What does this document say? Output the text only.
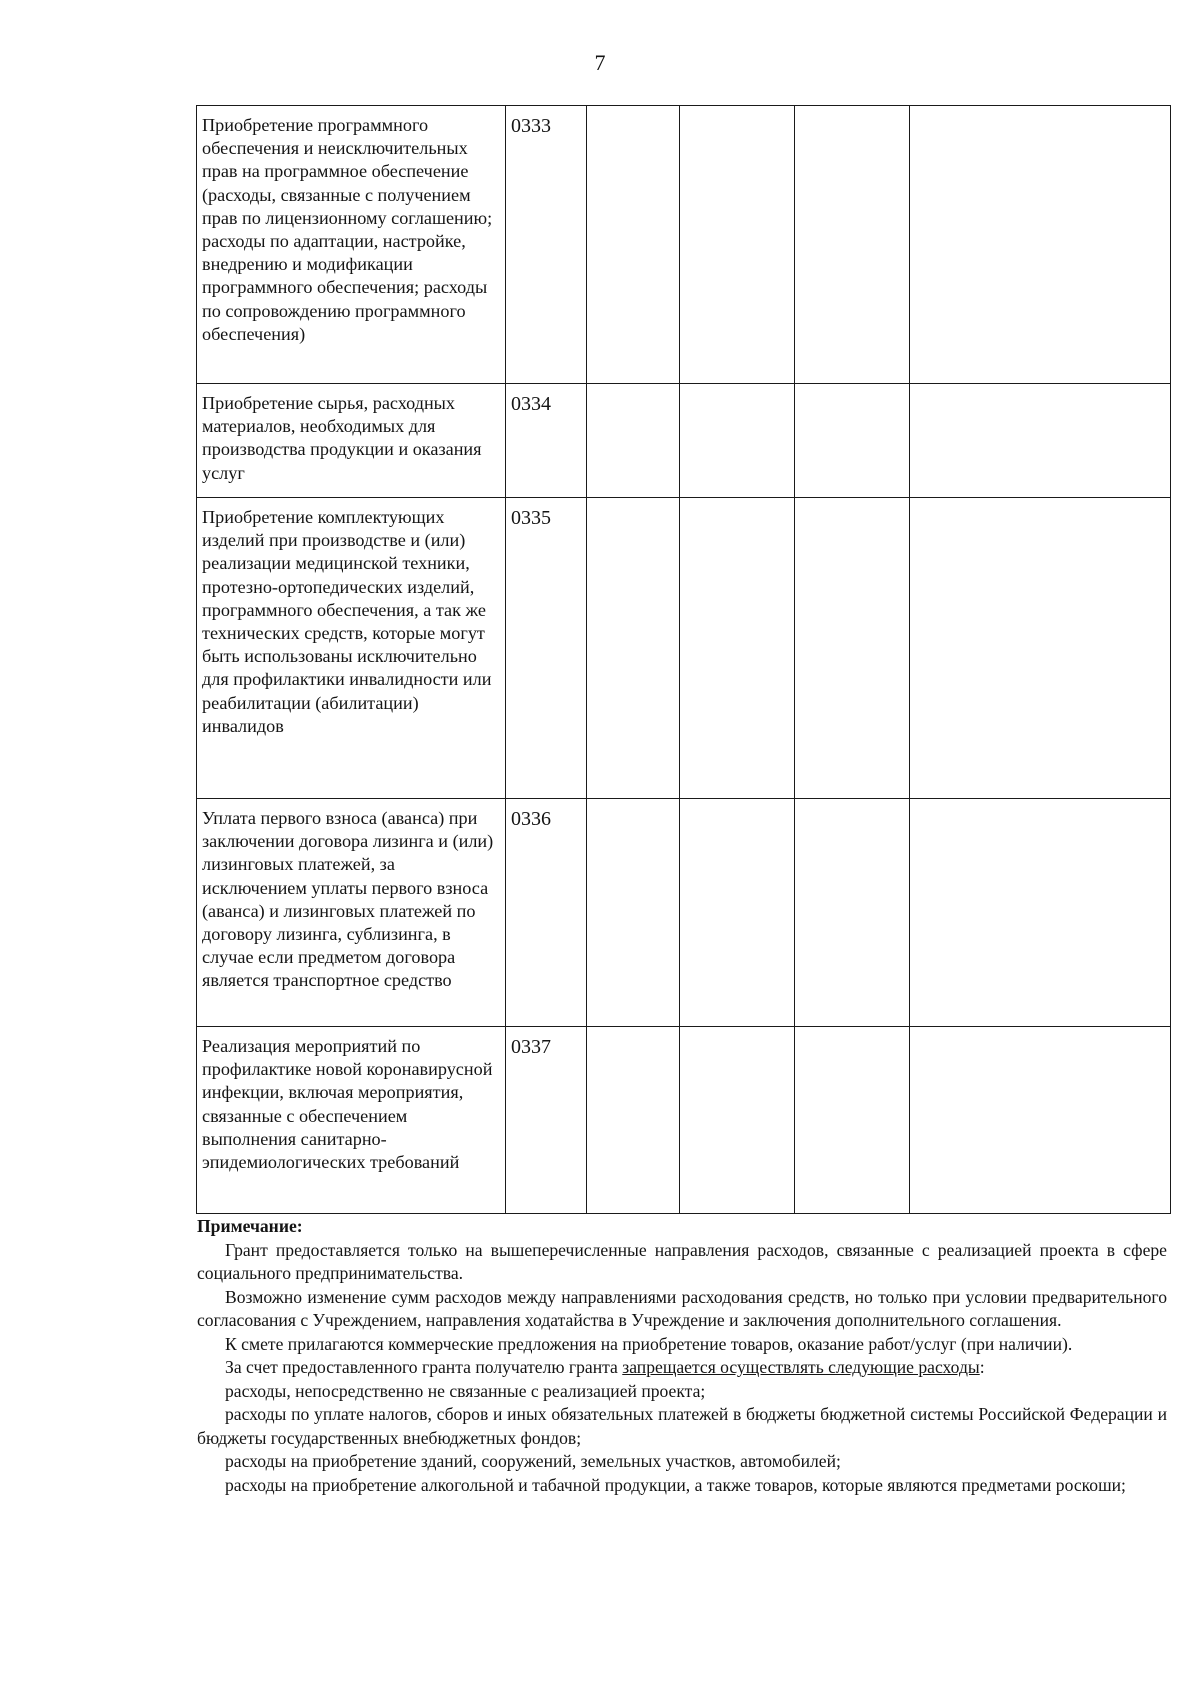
7
Приобретение программного обеспечения и неисключительных прав на программное обеспечение (расходы, связанные с получением прав по лицензионному соглашению; расходы по адаптации, настройке, внедрению и модификации программного обеспечения; расходы по сопровождению программного обеспечения)	0333				
Приобретение сырья, расходных материалов, необходимых для производства продукции и оказания услуг	0334				
Приобретение комплектующих изделий при производстве и (или) реализации медицинской техники, протезно-ортопедических изделий, программного обеспечения, а так же технических средств, которые могут быть использованы исключительно для профилактики инвалидности или реабилитации (абилитации) инвалидов	0335				
Уплата первого взноса (аванса) при заключении договора лизинга и (или) лизинговых платежей, за исключением уплаты первого взноса (аванса) и лизинговых платежей по договору лизинга, сублизинга, в случае если предметом договора является транспортное средство	0336				
Реализация мероприятий по профилактике новой коронавирусной инфекции, включая мероприятия, связанные с обеспечением выполнения санитарно-эпидемиологических требований	0337				

Примечание:

Грант предоставляется только на вышеперечисленные направления расходов, связанные с реализацией проекта в сфере социального предпринимательства.

Возможно изменение сумм расходов между направлениями расходования средств, но только при условии предварительного согласования с Учреждением, направления ходатайства в Учреждение и заключения дополнительного соглашения.

К смете прилагаются коммерческие предложения на приобретение товаров, оказание работ/услуг (при наличии).

За счет предоставленного гранта получателю гранта запрещается осуществлять следующие расходы:

расходы, непосредственно не связанные с реализацией проекта;

расходы по уплате налогов, сборов и иных обязательных платежей в бюджеты бюджетной системы Российской Федерации и бюджеты государственных внебюджетных фондов;

расходы на приобретение зданий, сооружений, земельных участков, автомобилей;

расходы на приобретение алкогольной и табачной продукции, а также товаров, которые являются предметами роскоши;
